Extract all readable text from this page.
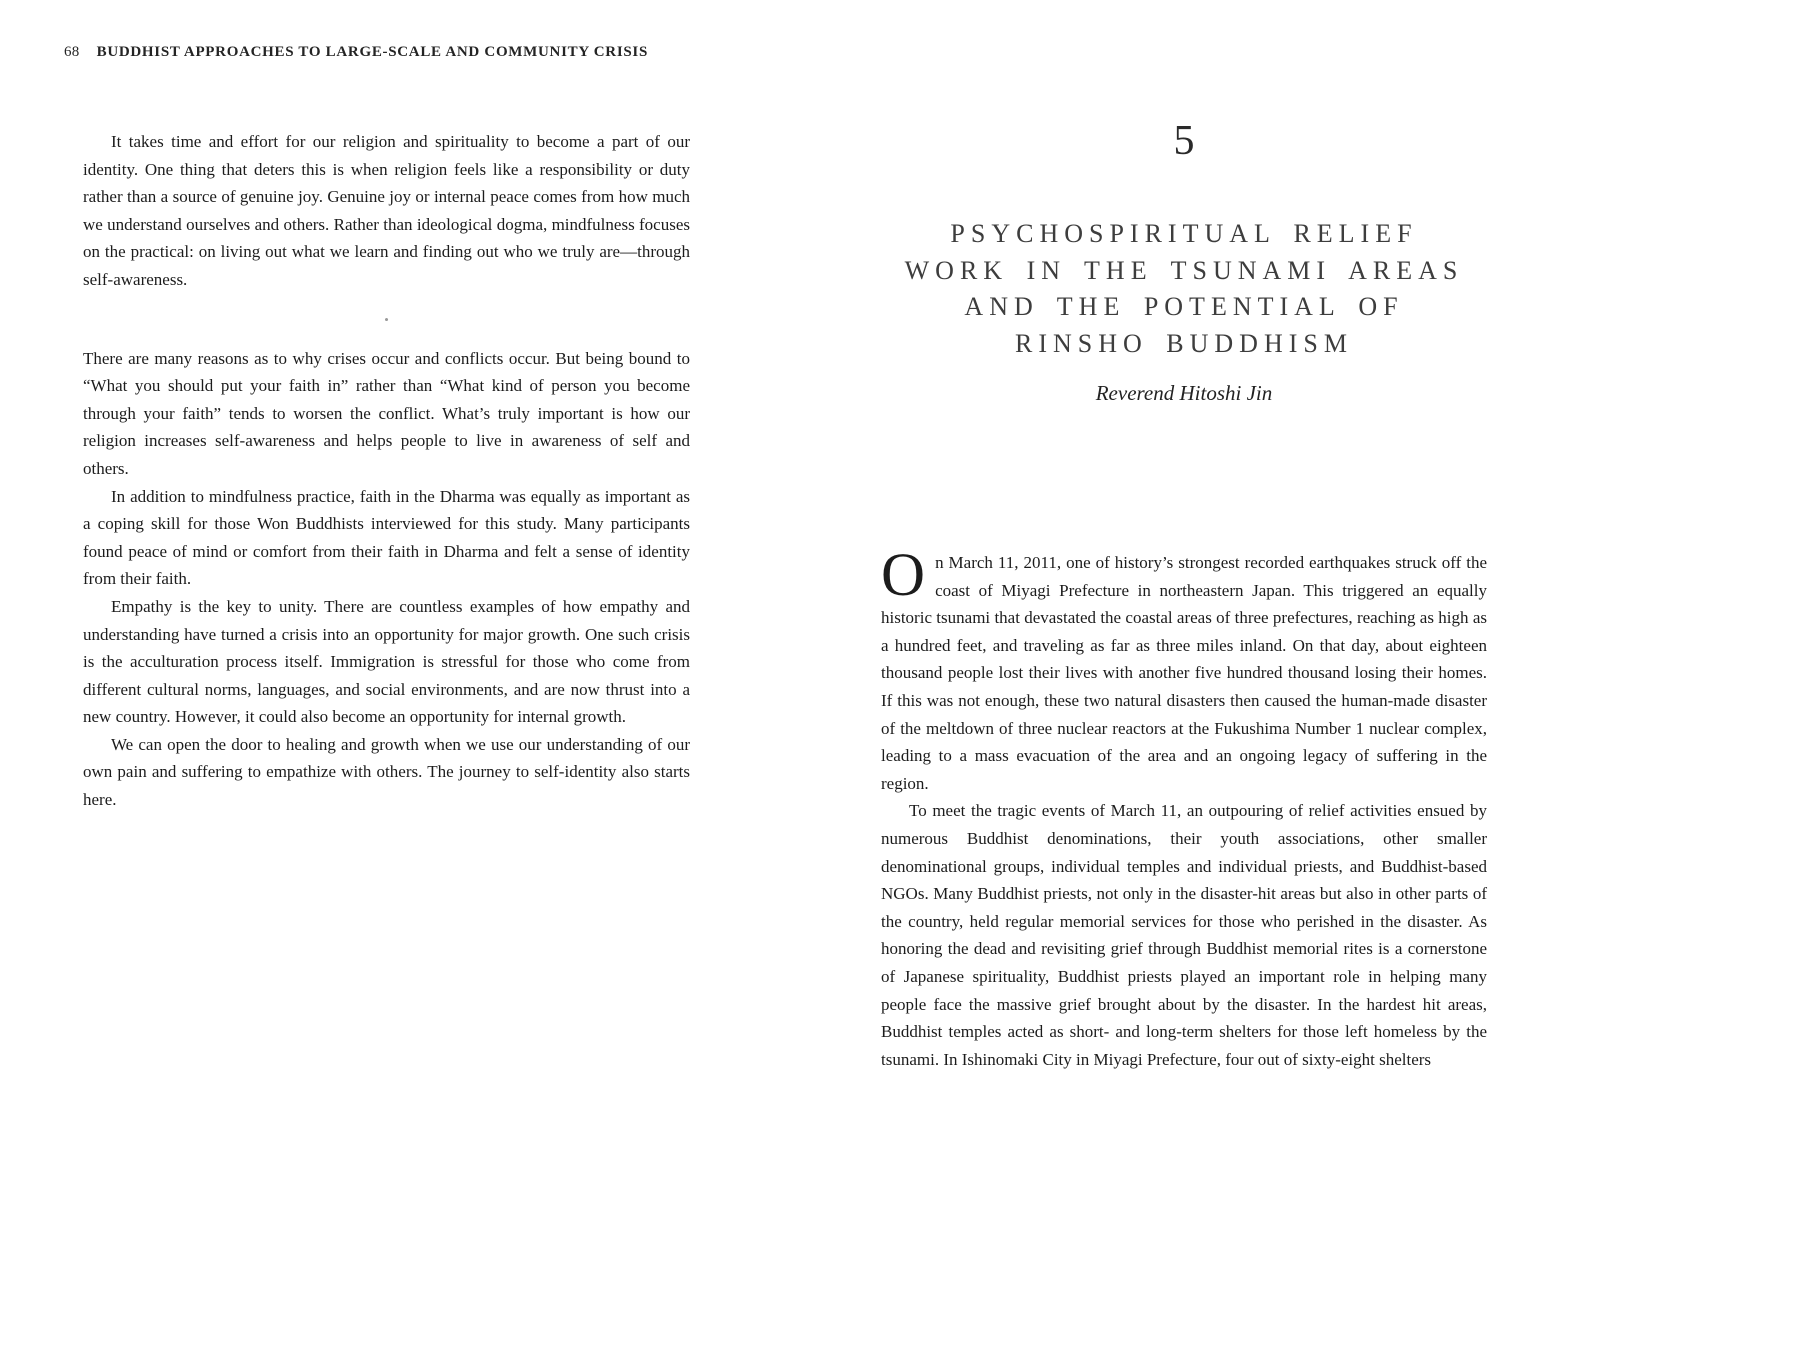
68 BUDDHIST APPROACHES TO LARGE-SCALE AND COMMUNITY CRISIS

It takes time and effort for our religion and spirituality to become a part of our identity. One thing that deters this is when religion feels like a responsibility or duty rather than a source of genuine joy. Genuine joy or internal peace comes from how much we understand ourselves and others. Rather than ideological dogma, mindfulness focuses on the practical: on living out what we learn and finding out who we truly are—through self-awareness.

•

There are many reasons as to why crises occur and conflicts occur. But being bound to “What you should put your faith in” rather than “What kind of person you become through your faith” tends to worsen the conflict. What’s truly important is how our religion increases self-awareness and helps people to live in awareness of self and others.

In addition to mindfulness practice, faith in the Dharma was equally as important as a coping skill for those Won Buddhists interviewed for this study. Many participants found peace of mind or comfort from their faith in Dharma and felt a sense of identity from their faith.

Empathy is the key to unity. There are countless examples of how empathy and understanding have turned a crisis into an opportunity for major growth. One such crisis is the acculturation process itself. Immigration is stressful for those who come from different cultural norms, languages, and social environments, and are now thrust into a new country. However, it could also become an opportunity for internal growth.

We can open the door to healing and growth when we use our understanding of our own pain and suffering to empathize with others. The journey to self-identity also starts here.

5
PSYCHOSPIRITUAL RELIEF
WORK IN THE TSUNAMI AREAS
AND THE POTENTIAL OF
RINSHO BUDDHISM
Reverend Hitoshi Jin

On March 11, 2011, one of history’s strongest recorded earthquakes struck off the coast of Miyagi Prefecture in northeastern Japan. This triggered an equally historic tsunami that devastated the coastal areas of three prefectures, reaching as high as a hundred feet, and traveling as far as three miles inland. On that day, about eighteen thousand people lost their lives with another five hundred thousand losing their homes. If this was not enough, these two natural disasters then caused the human-made disaster of the meltdown of three nuclear reactors at the Fukushima Number 1 nuclear complex, leading to a mass evacuation of the area and an ongoing legacy of suffering in the region.

To meet the tragic events of March 11, an outpouring of relief activities ensued by numerous Buddhist denominations, their youth associations, other smaller denominational groups, individual temples and individual priests, and Buddhist-based NGOs. Many Buddhist priests, not only in the disaster-hit areas but also in other parts of the country, held regular memorial services for those who perished in the disaster. As honoring the dead and revisiting grief through Buddhist memorial rites is a cornerstone of Japanese spirituality, Buddhist priests played an important role in helping many people face the massive grief brought about by the disaster. In the hardest hit areas, Buddhist temples acted as short- and long-term shelters for those left homeless by the tsunami. In Ishinomaki City in Miyagi Prefecture, four out of sixty-eight shelters
